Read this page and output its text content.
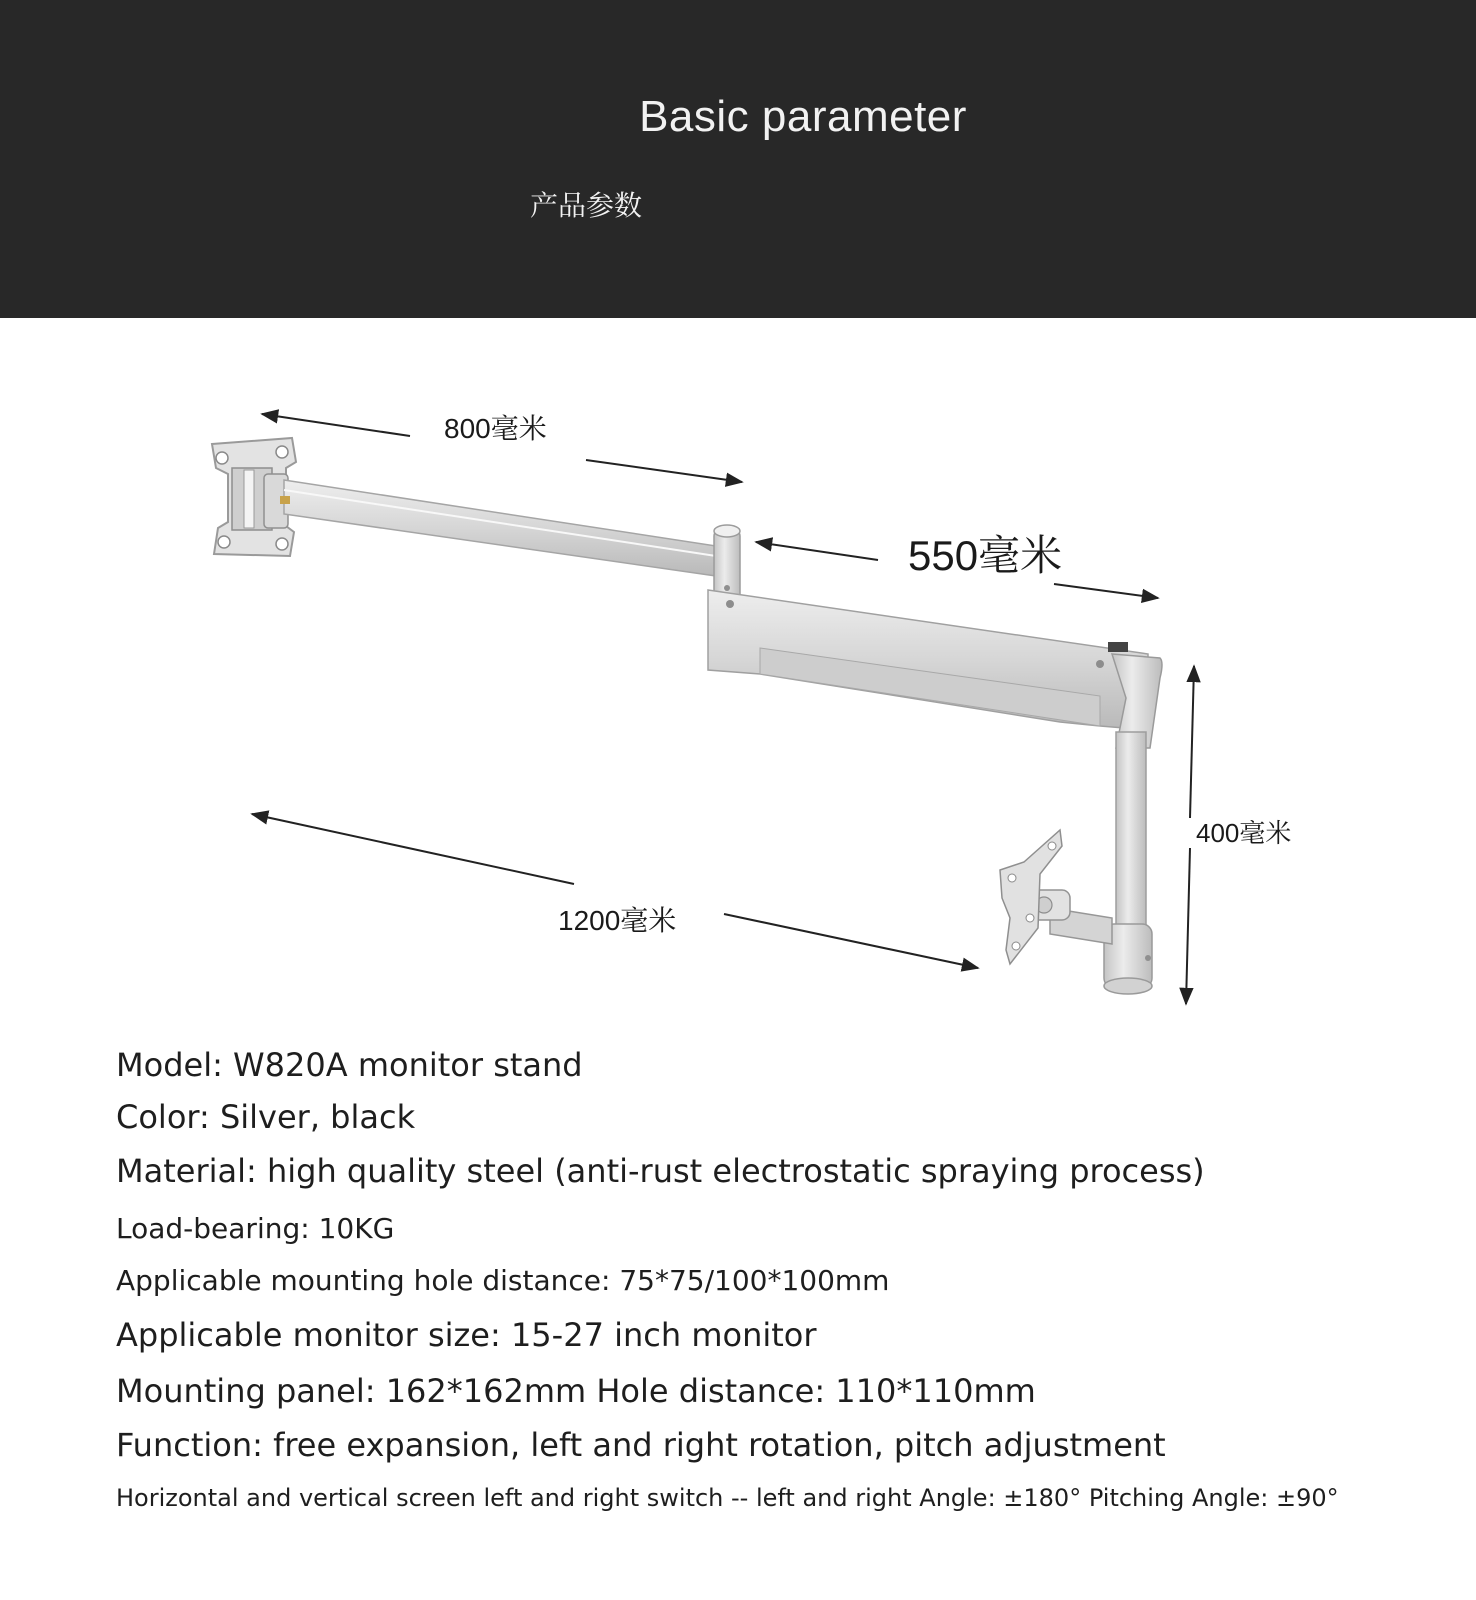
Basic parameter
产品参数
800毫米
550毫米
400毫米
1200毫米
Model: W820A monitor stand
Color: Silver, black
Material: high quality steel (anti-rust electrostatic spraying process)
Load-bearing: 10KG
Applicable mounting hole distance: 75*75/100*100mm
Applicable monitor size: 15-27 inch monitor
Mounting panel: 162*162mm Hole distance: 110*110mm
Function: free expansion, left and right rotation, pitch adjustment
Horizontal and vertical screen left and right switch -- left and right Angle: ±180° Pitching Angle: ±90°
